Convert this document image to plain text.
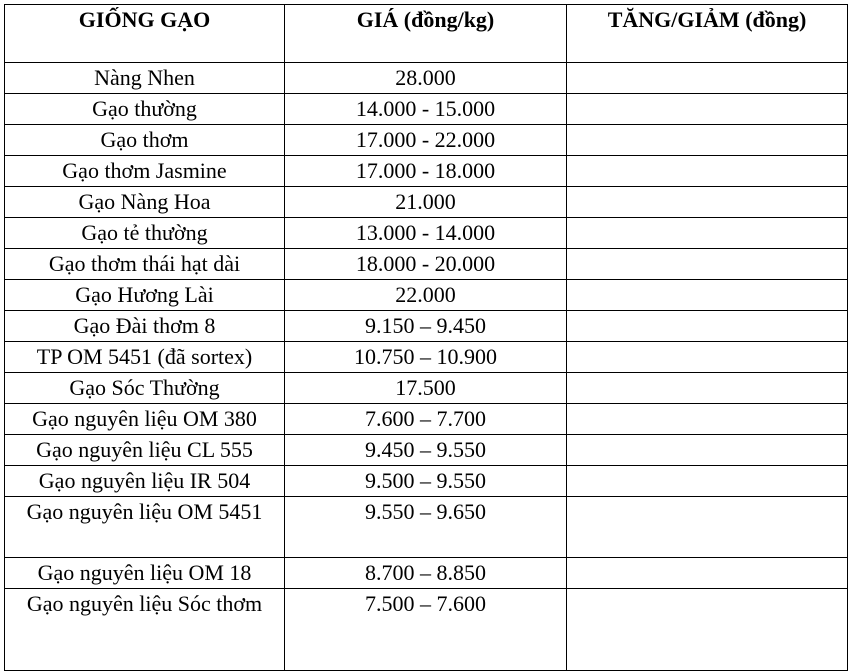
GIỐNG GẠO	GIÁ (đồng/kg)	TĂNG/GIẢM (đồng)
Nàng Nhen	28.000	
Gạo thường	14.000 - 15.000	
Gạo thơm	17.000 - 22.000	
Gạo thơm Jasmine	17.000 - 18.000	
Gạo Nàng Hoa	21.000	
Gạo tẻ thường	13.000 - 14.000	
Gạo thơm thái hạt dài	18.000 - 20.000	
Gạo Hương Lài	22.000	
Gạo Đài thơm 8	9.150 – 9.450	
TP OM 5451 (đã sortex)	10.750 – 10.900	
Gạo Sóc Thường	17.500	
Gạo nguyên liệu OM 380	7.600 – 7.700	
Gạo nguyên liệu CL 555	9.450 – 9.550	
Gạo nguyên liệu IR 504	9.500 – 9.550	
Gạo nguyên liệu OM 5451	9.550 – 9.650	
Gạo nguyên liệu OM 18	8.700 – 8.850	
Gạo nguyên liệu Sóc thơm	7.500 – 7.600	
